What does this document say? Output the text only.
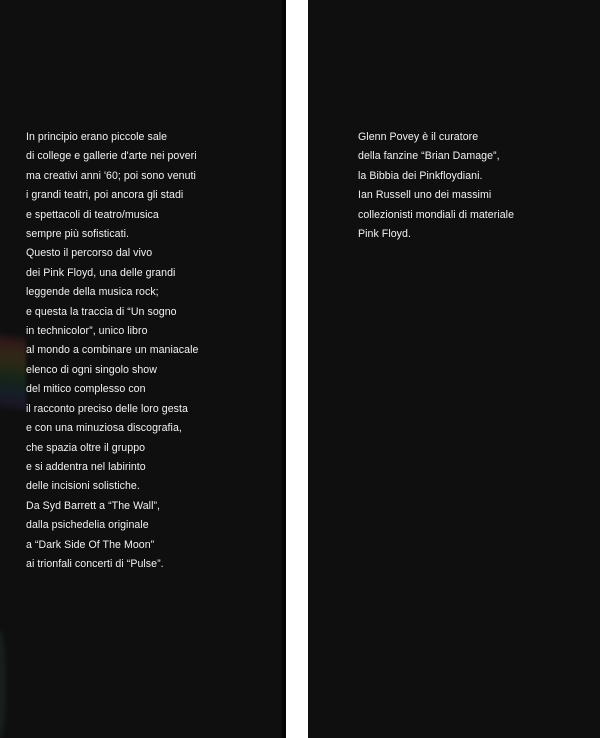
In principio erano piccole sale
di college e gallerie d'arte nei poveri
ma creativi anni '60; poi sono venuti
i grandi teatri, poi ancora gli stadi
e spettacoli di teatro/musica
sempre più sofisticati.
Questo il percorso dal vivo
dei Pink Floyd, una delle grandi
leggende della musica rock;
e questa la traccia di “Un sogno
in technicolor”, unico libro
al mondo a combinare un maniacale
elenco di ogni singolo show
del mitico complesso con
il racconto preciso delle loro gesta
e con una minuziosa discografia,
che spazia oltre il gruppo
e si addentra nel labirinto
delle incisioni solistiche.
Da Syd Barrett a “The Wall”,
dalla psichedelia originale
a “Dark Side Of The Moon”
ai trionfali concerti di “Pulse”.
Glenn Povey è il curatore
della fanzine “Brian Damage”,
la Bibbia dei Pinkfloydiani.
Ian Russell uno dei massimi
collezionisti mondiali di materiale
Pink Floyd.
